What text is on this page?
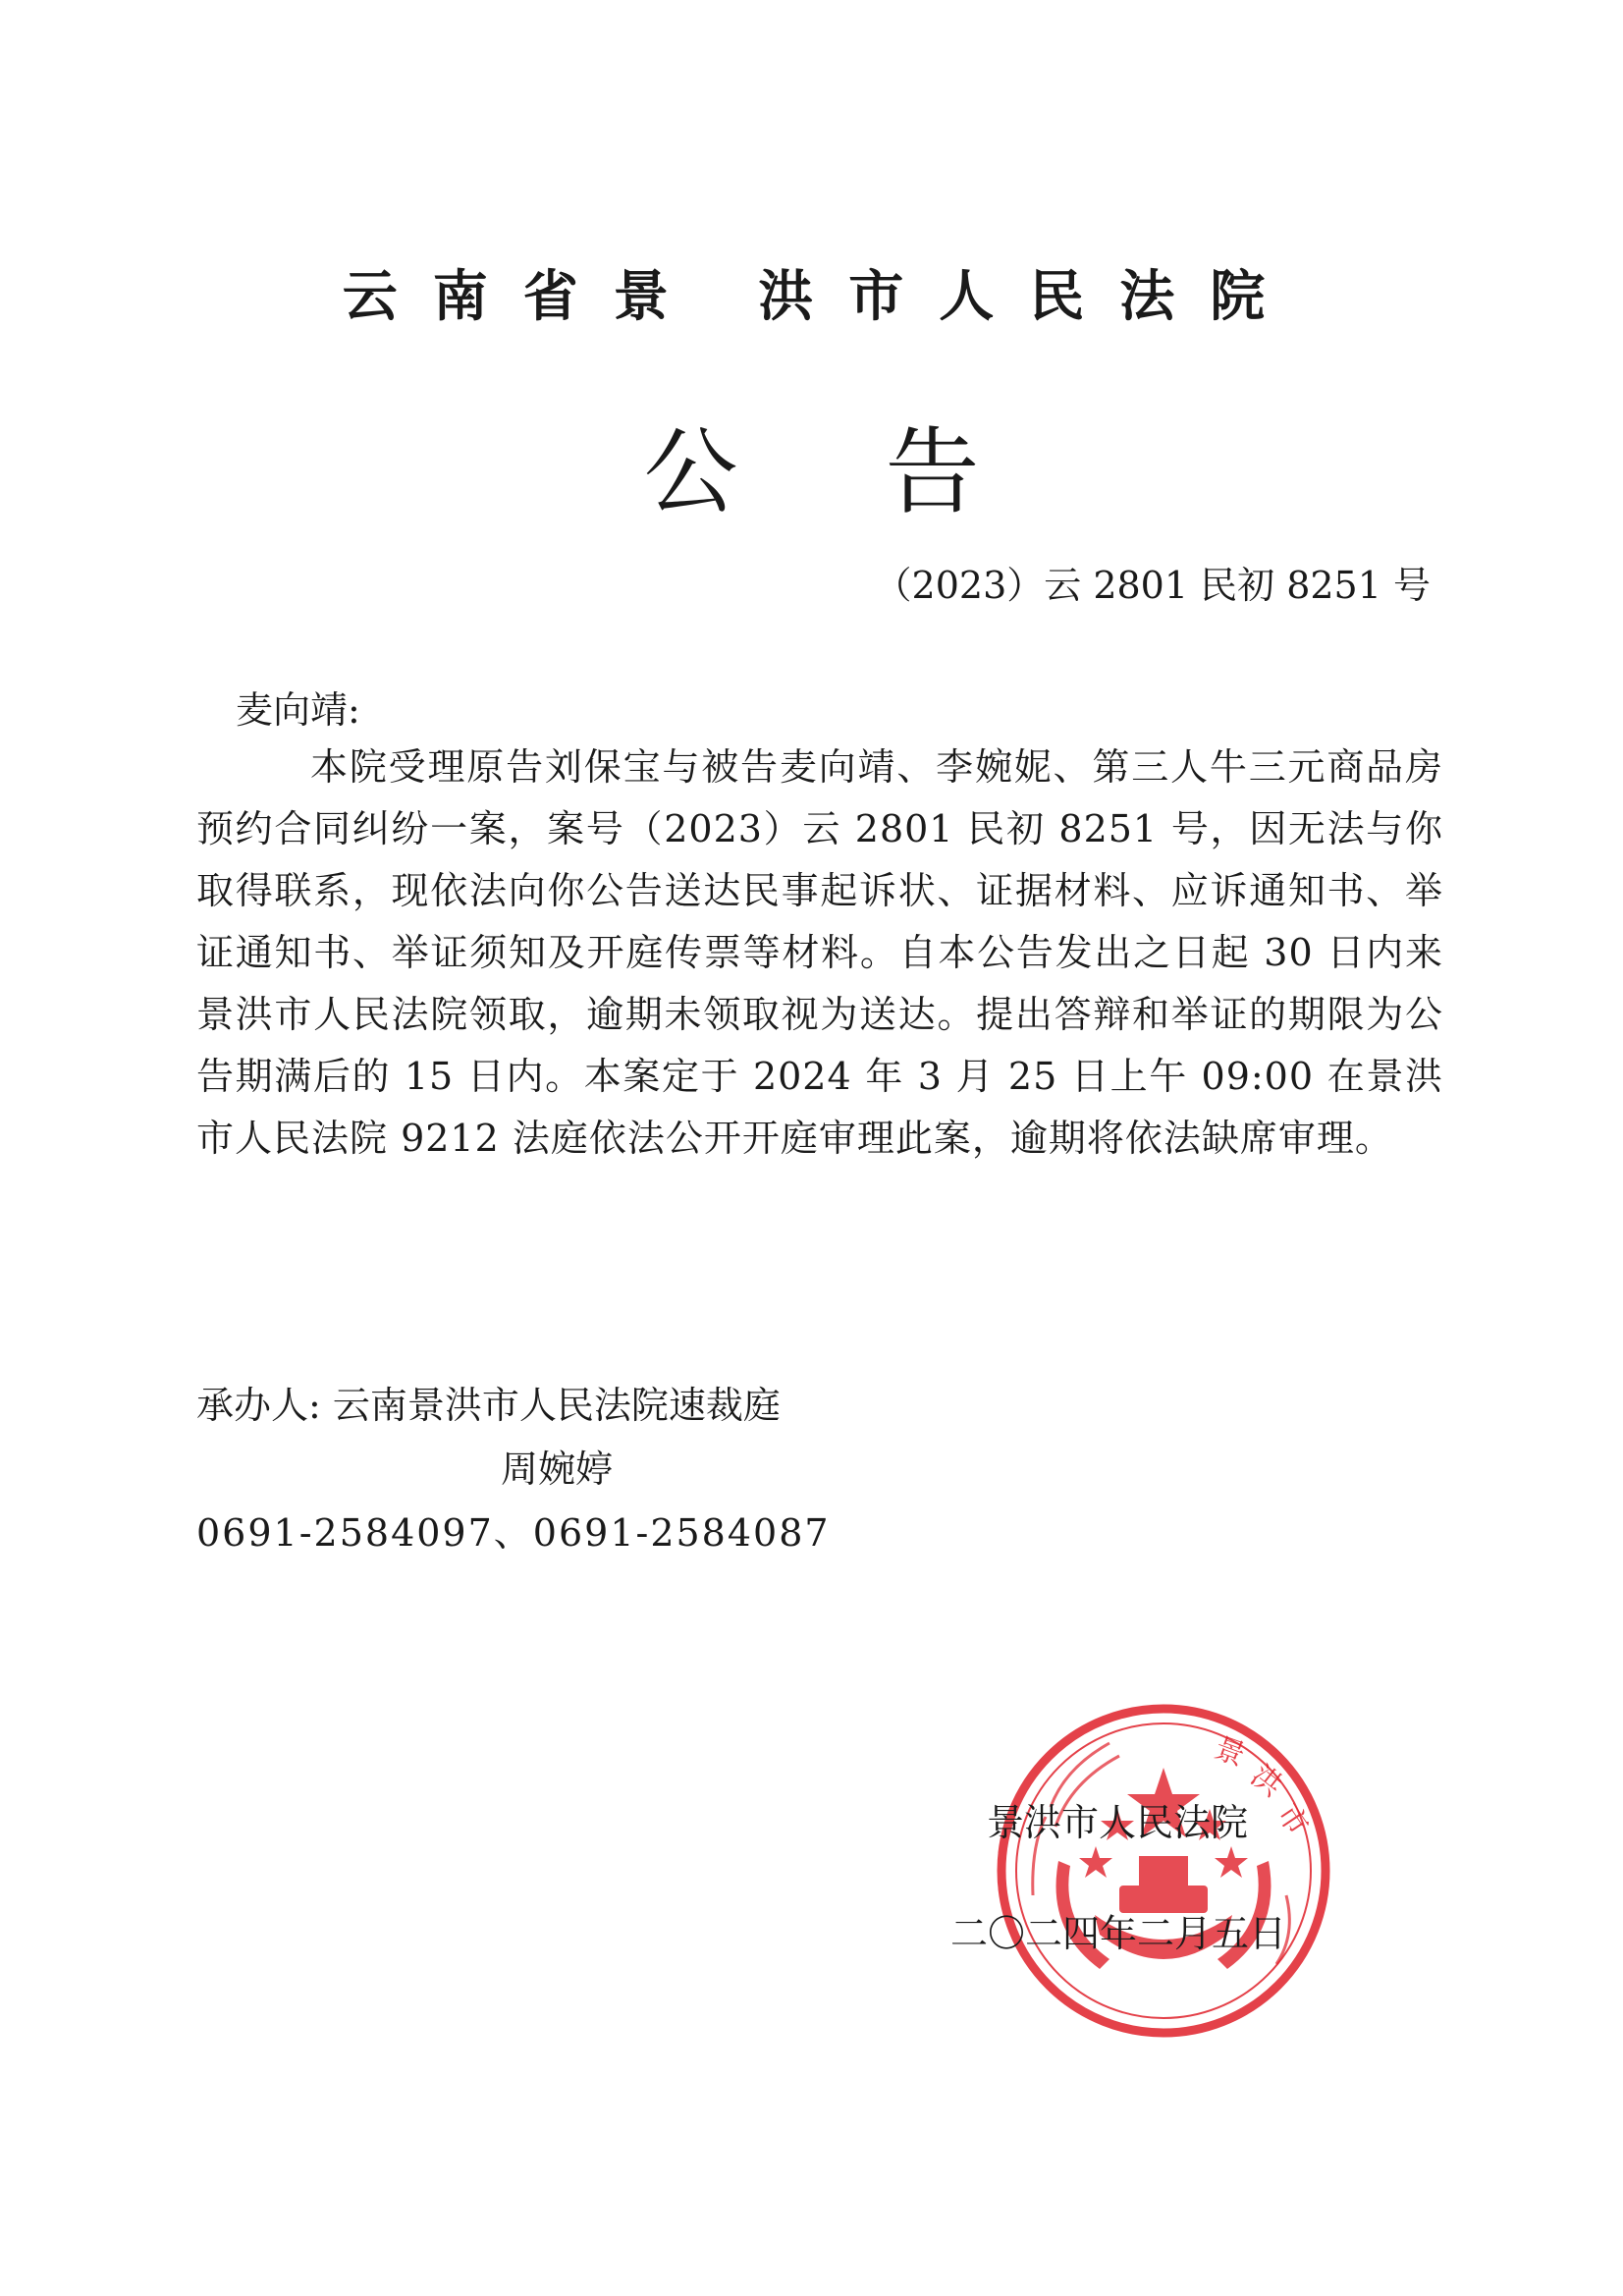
云南省景 洪市人民法院
公告
（2023）云 2801 民初 8251 号
麦向靖:
本院受理原告刘保宝与被告麦向靖、李婉妮、第三人牛三元商品房预约合同纠纷一案，案号（2023）云 2801 民初 8251 号，因无法与你取得联系，现依法向你公告送达民事起诉状、证据材料、应诉通知书、举证通知书、举证须知及开庭传票等材料。自本公告发出之日起 30 日内来景洪市人民法院领取，逾期未领取视为送达。提出答辩和举证的期限为公告期满后的 15 日内。本案定于 2024 年 3 月 25 日上午 09:00 在景洪市人民法院 9212 法庭依法公开开庭审理此案，逾期将依法缺席审理。
承办人: 云南景洪市人民法院速裁庭
周婉婷
0691-2584097、0691-2584087
景
洪
市
景洪市人民法院
二〇二四年二月五日
